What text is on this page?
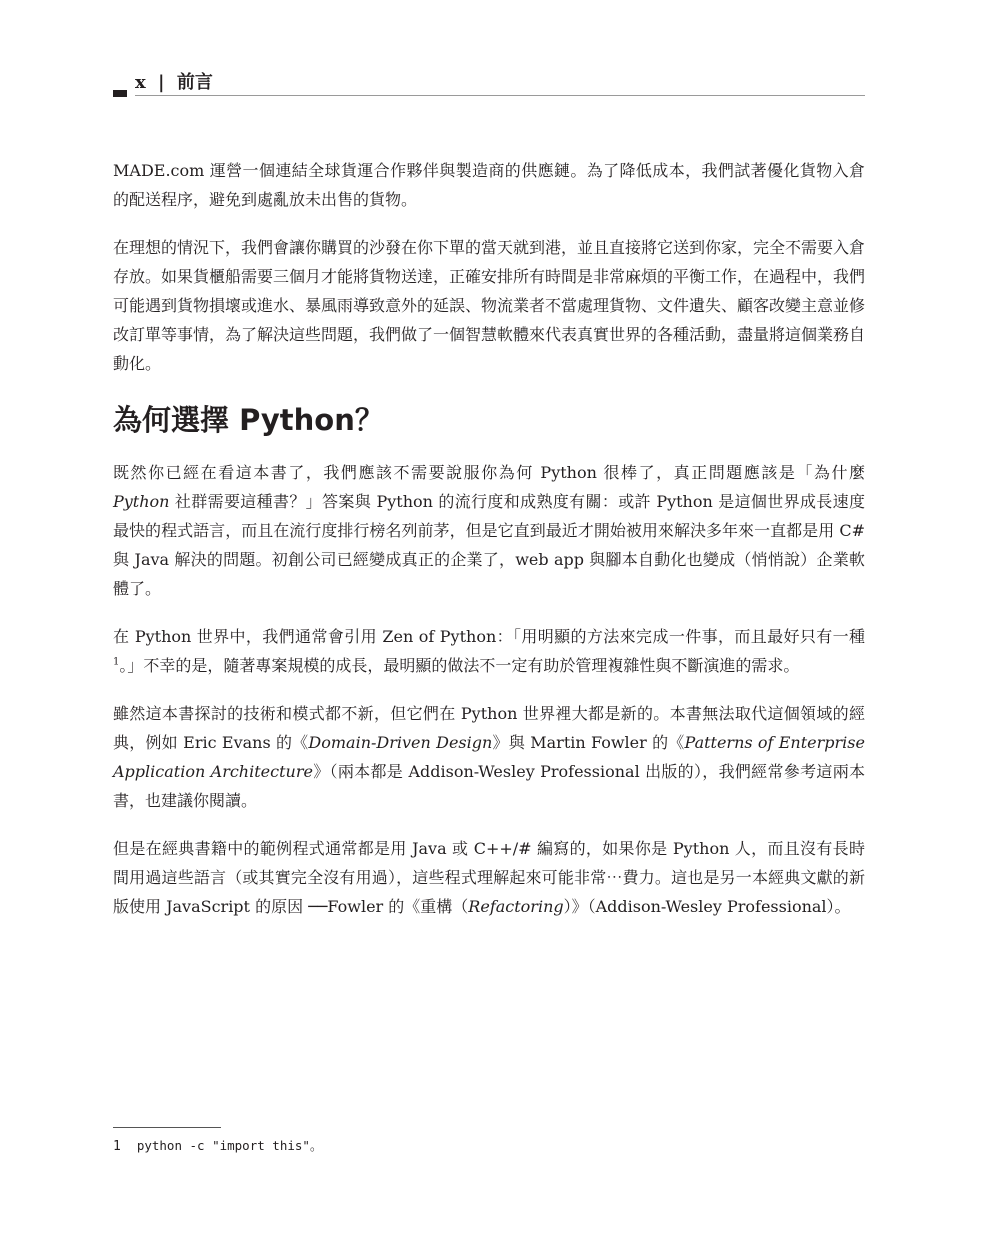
x | 前言

MADE.com 運營一個連結全球貨運合作夥伴與製造商的供應鏈。為了降低成本，我們試著優化貨物入倉的配送程序，避免到處亂放未出售的貨物。

在理想的情況下，我們會讓你購買的沙發在你下單的當天就到港，並且直接將它送到你家，完全不需要入倉存放。如果貨櫃船需要三個月才能將貨物送達，正確安排所有時間是非常麻煩的平衡工作，在過程中，我們可能遇到貨物損壞或進水、暴風雨導致意外的延誤、物流業者不當處理貨物、文件遺失、顧客改變主意並修改訂單等事情，為了解決這些問題，我們做了一個智慧軟體來代表真實世界的各種活動，盡量將這個業務自動化。

為何選擇 Python？

既然你已經在看這本書了，我們應該不需要說服你為何 Python 很棒了，真正問題應該是「為什麼 Python 社群需要這種書？」答案與 Python 的流行度和成熟度有關：或許 Python 是這個世界成長速度最快的程式語言，而且在流行度排行榜名列前茅，但是它直到最近才開始被用來解決多年來一直都是用 C# 與 Java 解決的問題。初創公司已經變成真正的企業了，web app 與腳本自動化也變成（悄悄說）企業軟體了。

在 Python 世界中，我們通常會引用 Zen of Python：「用明顯的方法來完成一件事，而且最好只有一種$^1$。」不幸的是，隨著專案規模的成長，最明顯的做法不一定有助於管理複雜性與不斷演進的需求。

雖然這本書探討的技術和模式都不新，但它們在 Python 世界裡大都是新的。本書無法取代這個領域的經典，例如 Eric Evans 的《Domain-Driven Design》與 Martin Fowler 的《Patterns of Enterprise Application Architecture》（兩本都是 Addison-Wesley Professional 出版的），我們經常參考這兩本書，也建議你閱讀。

但是在經典書籍中的範例程式通常都是用 Java 或 C++/# 編寫的，如果你是 Python 人，而且沒有長時間用過這些語言（或其實完全沒有用過），這些程式理解起來可能非常⋯費力。這也是另一本經典文獻的新版使用 JavaScript 的原因 ──Fowler 的《重構（Refactoring）》（Addison-Wesley Professional）。

1 python -c "import this"。
